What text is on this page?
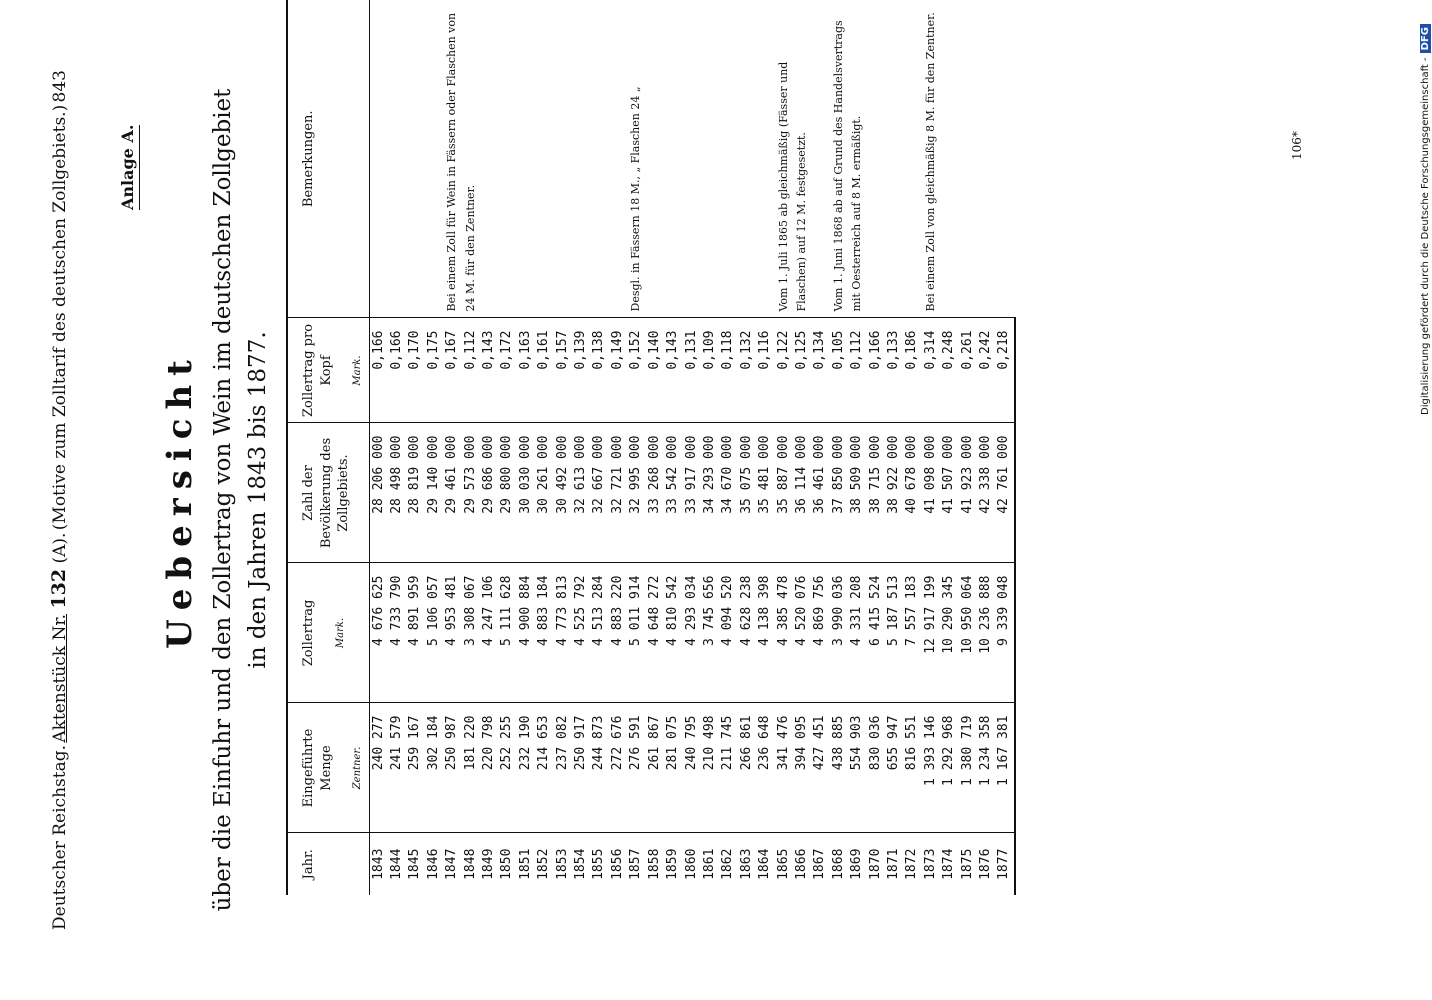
Deutscher Reichstag.
Aktenstück Nr. 132 (A).
(Motive zum Zolltarif des deutschen Zollgebiets.)
843
Anlage A.
Uebersicht über die Einfuhr und den Zollertrag von Wein im deutschen Zollgebiet in den Jahren 1843 bis 1877.
Jahr.	Eingeführte Menge Zentner.	Zollertrag Mark.	Zahl der Bevölkerung des Zollgebiets.	Zollertrag pro Kopf Mark.	Bemerkungen.
1843	240 277	4 676 625	28 206 000	0,166	
1844	241 579	4 733 790	28 498 000	0,166	
1845	259 167	4 891 959	28 819 000	0,170	
1846	302 184	5 106 057	29 140 000	0,175	
1847	250 987	4 953 481	29 461 000	0,167	Bei einem Zoll für Wein in Fässern oder Flaschen von 24 M. für den Zentner.
1848	181 220	3 308 067	29 573 000	0,112	
1849	220 798	4 247 106	29 686 000	0,143	
1850	252 255	5 111 628	29 800 000	0,172	
1851	232 190	4 900 884	30 030 000	0,163	
1852	214 653	4 883 184	30 261 000	0,161	
1853	237 082	4 773 813	30 492 000	0,157	
1854	250 917	4 525 792	32 613 000	0,139	
1855	244 873	4 513 284	32 667 000	0,138	
1856	272 676	4 883 220	32 721 000	0,149	
1857	276 591	5 011 914	32 995 000	0,152	Desgl. in Fässern 18 M., „ Flaschen 24 „
1858	261 867	4 648 272	33 268 000	0,140	
1859	281 075	4 810 542	33 542 000	0,143	
1860	240 795	4 293 034	33 917 000	0,131	
1861	210 498	3 745 656	34 293 000	0,109	
1862	211 745	4 094 520	34 670 000	0,118	
1863	266 861	4 628 238	35 075 000	0,132	
1864	236 648	4 138 398	35 481 000	0,116	
1865	341 476	4 385 478	35 887 000	0,122	Vom 1. Juli 1865 ab gleichmäßig (Fässer und Flaschen) auf 12 M. festgesetzt.
1866	394 095	4 520 076	36 114 000	0,125	
1867	427 451	4 869 756	36 461 000	0,134	
1868	438 885	3 990 036	37 850 000	0,105	Vom 1. Juni 1868 ab auf Grund des Handelsvertrags mit Oesterreich auf 8 M. ermäßigt.
1869	554 903	4 331 208	38 509 000	0,112	
1870	830 036	6 415 524	38 715 000	0,166	
1871	655 947	5 187 513	38 922 000	0,133	
1872	816 551	7 557 183	40 678 000	0,186	
1873	1 393 146	12 917 199	41 098 000	0,314	Bei einem Zoll von gleichmäßig 8 M. für den Zentner.
1874	1 292 968	10 290 345	41 507 000	0,248	
1875	1 380 719	10 950 064	41 923 000	0,261	
1876	1 234 358	10 236 888	42 338 000	0,242	
1877	1 167 381	9 339 048	42 761 000	0,218	
106*	Digitalisierung gefördert durch die Deutsche Forschungsgemeinschaft -DFG
